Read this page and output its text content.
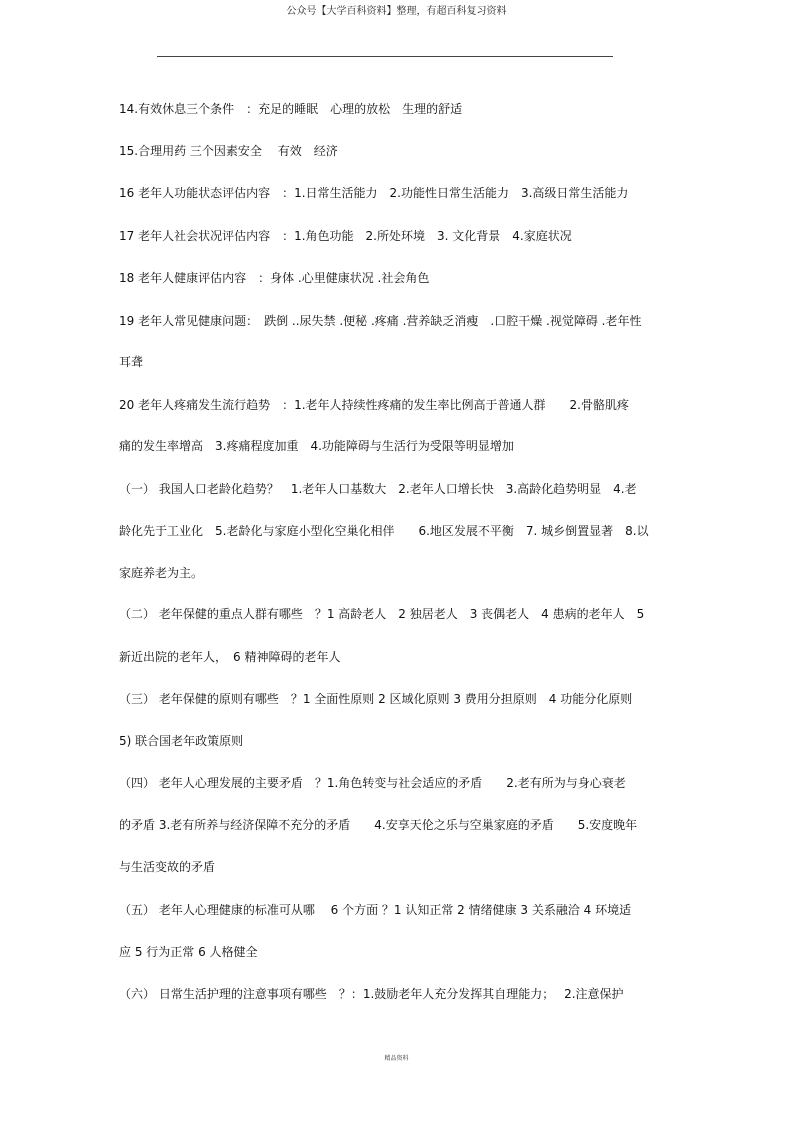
公众号【大学百科资料】整理，有超百科复习资料
14.有效休息三个条件　：充足的睡眠　心理的放松　生理的舒适
15.合理用药 三个因素安全　 有效　经济
16 老年人功能状态评估内容　：1.日常生活能力　2.功能性日常生活能力　3.高级日常生活能力
17 老年人社会状况评估内容　：1.角色功能　2.所处环境　3. 文化背景　4.家庭状况
18 老年人健康评估内容　：身体 .心里健康状况 .社会角色
19 老年人常见健康问题：　跌倒 ..尿失禁 .便秘 .疼痛 .营养缺乏消瘦　.口腔干燥 .视觉障碍 .老年性
耳聋
20 老年人疼痛发生流行趋势　：1.老年人持续性疼痛的发生率比例高于普通人群　　2.骨骼肌疼
痛的发生率增高　3.疼痛程度加重　4.功能障碍与生活行为受限等明显增加
（一） 我国人口老龄化趋势？　1.老年人口基数大　2.老年人口增长快　3.高龄化趋势明显　4.老
龄化先于工业化　5.老龄化与家庭小型化空巢化相伴　　6.地区发展不平衡　7. 城乡倒置显著　8.以
家庭养老为主。
（二） 老年保健的重点人群有哪些　？1 高龄老人　2 独居老人　3 丧偶老人　4 患病的老年人　5
新近出院的老年人，　6 精神障碍的老年人
（三） 老年保健的原则有哪些　？1 全面性原则 2 区域化原则 3 费用分担原则　4 功能分化原则
5) 联合国老年政策原则
（四） 老年人心理发展的主要矛盾　？1.角色转变与社会适应的矛盾　　2.老有所为与身心衰老
的矛盾 3.老有所养与经济保障不充分的矛盾　　4.安享天伦之乐与空巢家庭的矛盾　　5.安度晚年
与生活变故的矛盾
（五） 老年人心理健康的标准可从哪　 6 个方面 ？1 认知正常 2 情绪健康 3 关系融洽 4 环境适
应 5 行为正常 6 人格健全
（六） 日常生活护理的注意事项有哪些　？：1.鼓励老年人充分发挥其自理能力；　 2.注意保护
精品资料
